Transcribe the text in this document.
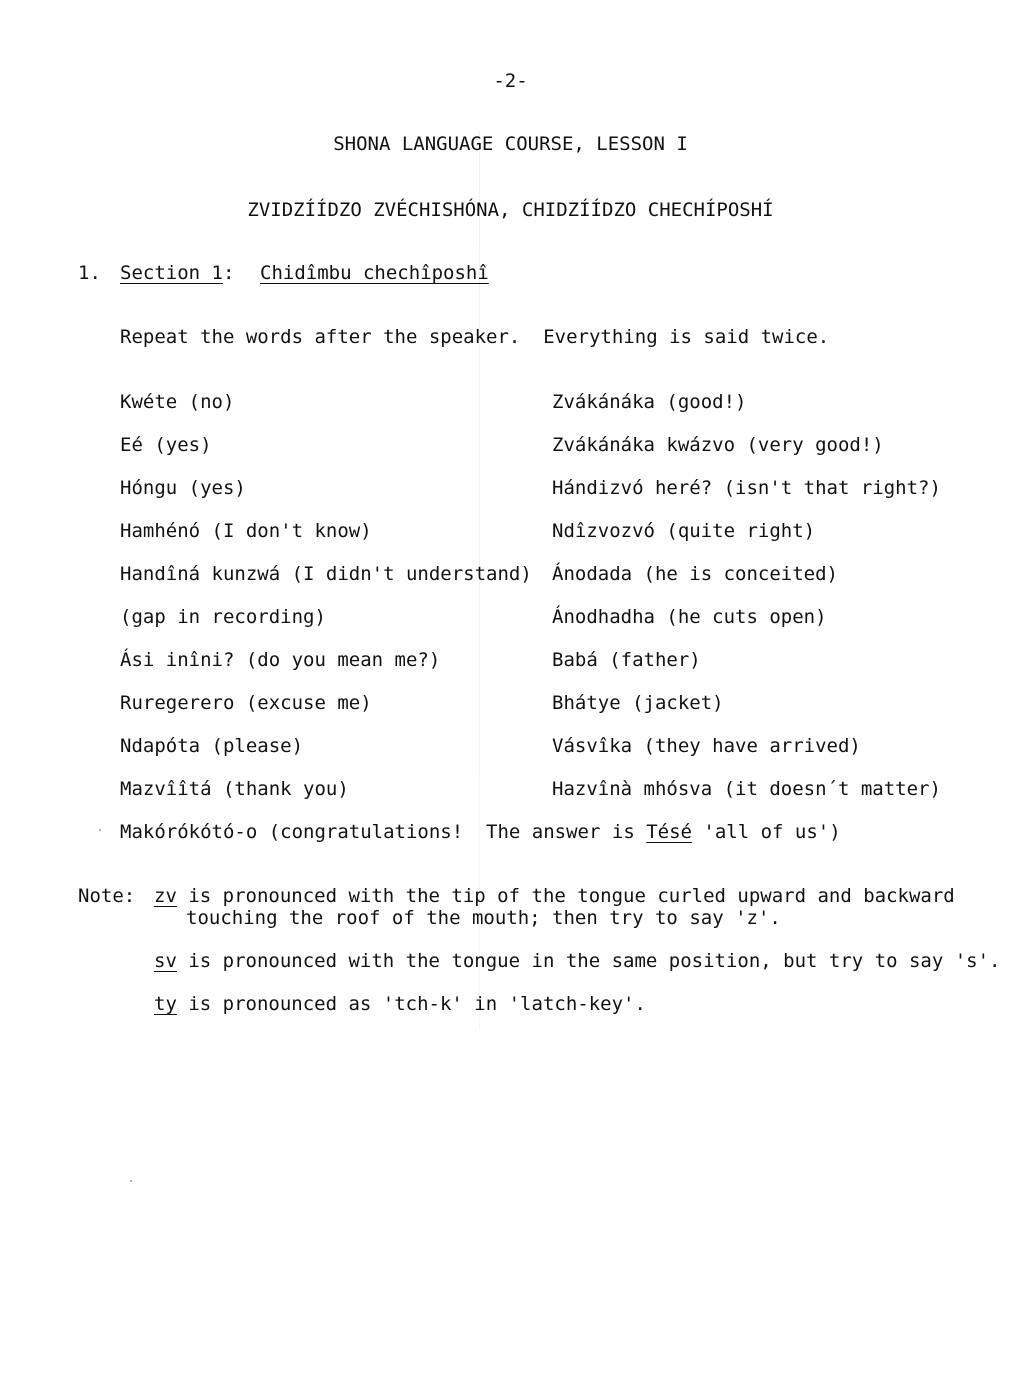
-2-
SHONA LANGUAGE COURSE, LESSON I
ZVIDZÍÍDZO ZVÉCHISHÓNA, CHIDZÍÍDZO CHECHÍPOSHÍ
1. Section 1: Chidîmbu chechîposhî
Repeat the words after the speaker.  Everything is said twice.
Kwéte (no)
Eé (yes)
Hóngu (yes)
Hamhénó (I don't know)
Handîná kunzwá (I didn't understand)
(gap in recording)
Ási inîni? (do you mean me?)
Ruregerero (excuse me)
Ndapóta (please)
Mazvîîtá (thank you)
Zvákánáka (good!)
Zvákánáka kwázvo (very good!)
Hándizvó heré? (isn't that right?)
Ndîzvozvó (quite right)
Ánodada (he is conceited)
Ánodhadha (he cuts open)
Babá (father)
Bhátye (jacket)
Vásvîka (they have arrived)
Hazvînà mhósva (it doesn´t matter)
Makórókótó-o (congratulations!  The answer is Tésé 'all of us')
Note: zv is pronounced with the tip of the tongue curled upward and backward
touching the roof of the mouth; then try to say 'z'.
sv is pronounced with the tongue in the same position, but try to say 's'.
ty is pronounced as 'tch-k' in 'latch-key'.
